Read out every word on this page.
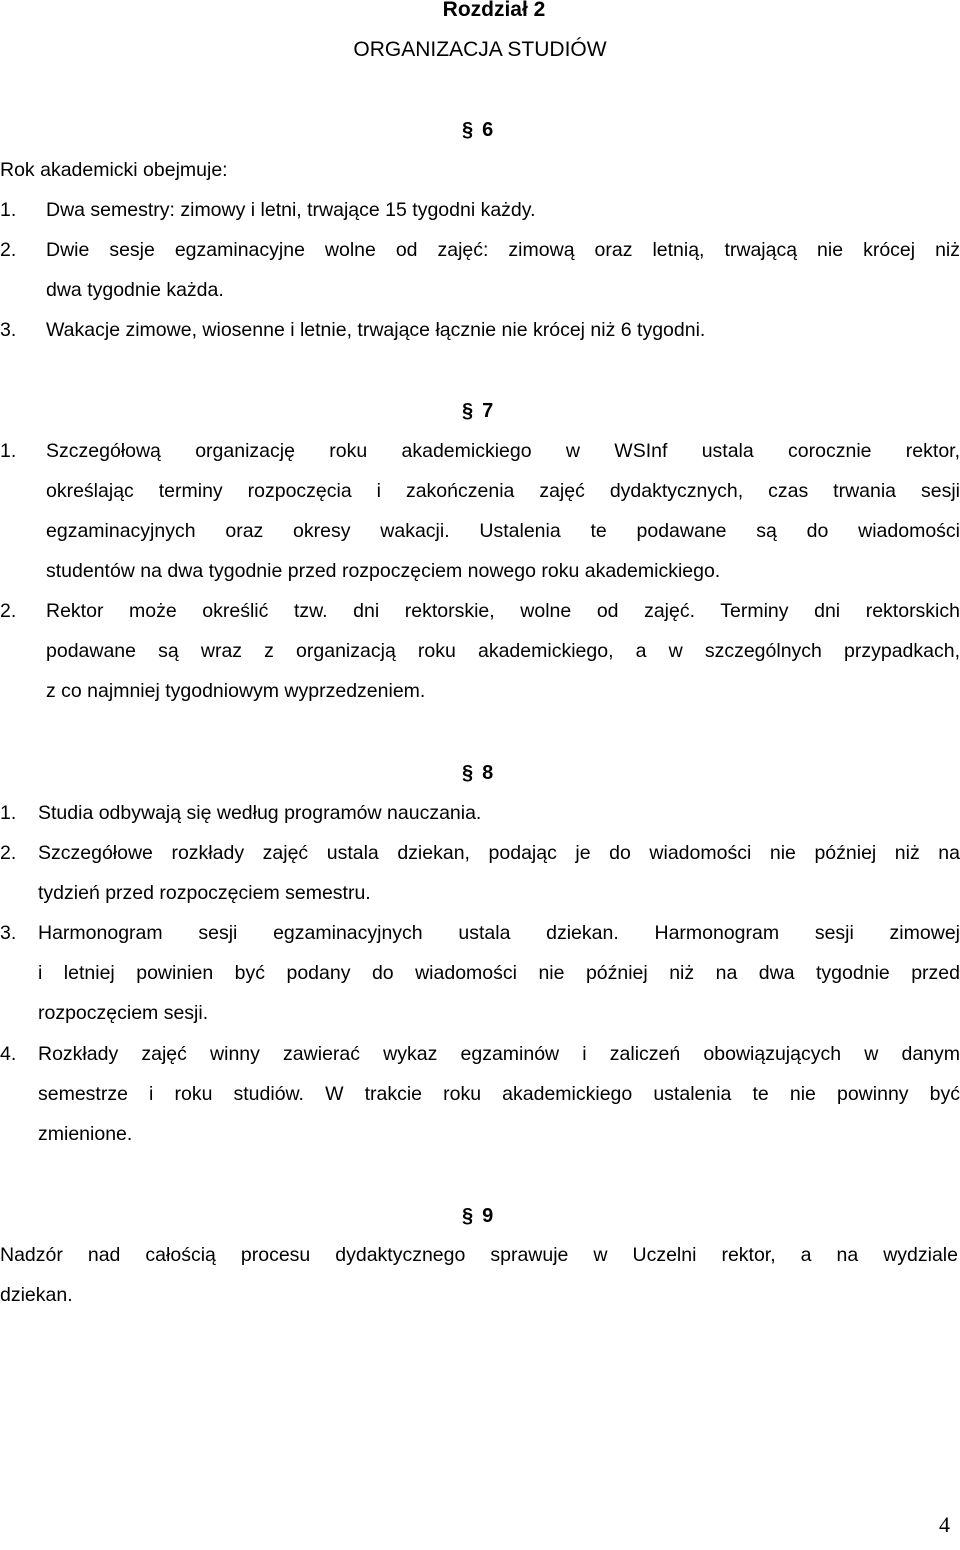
Rozdział 2
ORGANIZACJA STUDIÓW
§ 6
Rok akademicki obejmuje:
1. Dwa semestry: zimowy i letni, trwające 15 tygodni każdy.
2. Dwie sesje egzaminacyjne wolne od zajęć: zimową oraz letnią, trwającą nie krócej niż
dwa tygodnie każda.
3. Wakacje zimowe, wiosenne i letnie, trwające łącznie nie krócej niż 6 tygodni.
§ 7
1. Szczegółową organizację roku akademickiego w WSInf ustala corocznie rektor,
określając terminy rozpoczęcia i zakończenia zajęć dydaktycznych, czas trwania sesji
egzaminacyjnych oraz okresy wakacji. Ustalenia te podawane są do wiadomości
studentów na dwa tygodnie przed rozpoczęciem nowego roku akademickiego.
2. Rektor może określić tzw. dni rektorskie, wolne od zajęć. Terminy dni rektorskich
podawane są wraz z organizacją roku akademickiego, a w szczególnych przypadkach,
z co najmniej tygodniowym wyprzedzeniem.
§ 8
1. Studia odbywają się według programów nauczania.
2. Szczegółowe rozkłady zajęć ustala dziekan, podając je do wiadomości nie później niż na
tydzień przed rozpoczęciem semestru.
3. Harmonogram sesji egzaminacyjnych ustala dziekan. Harmonogram sesji zimowej
i letniej powinien być podany do wiadomości nie później niż na dwa tygodnie przed
rozpoczęciem sesji.
4. Rozkłady zajęć winny zawierać wykaz egzaminów i zaliczeń obowiązujących w danym
semestrze i roku studiów. W trakcie roku akademickiego ustalenia te nie powinny być
zmienione.
§ 9
Nadzór nad całością procesu dydaktycznego sprawuje w Uczelni rektor, a na wydziale
dziekan.
4
